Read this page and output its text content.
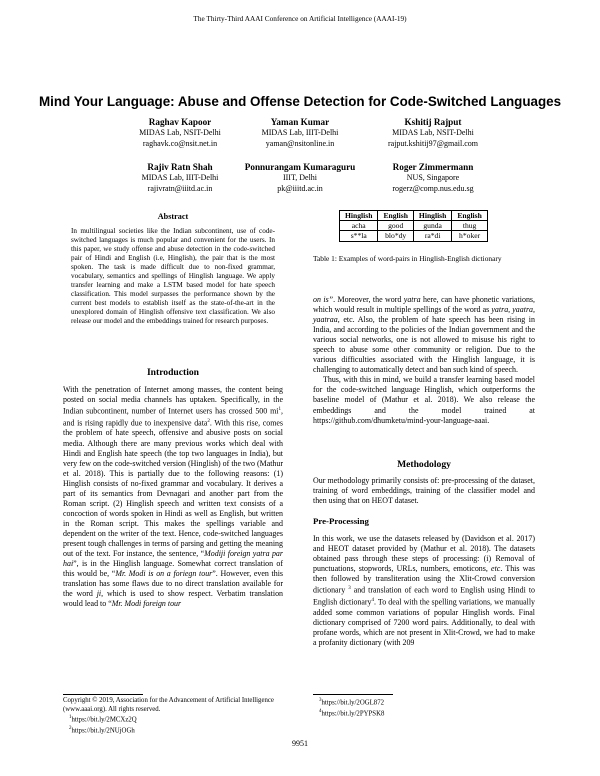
The Thirty-Third AAAI Conference on Artificial Intelligence (AAAI-19)
Mind Your Language: Abuse and Offense Detection for Code-Switched Languages
Raghav Kapoor
MIDAS Lab, NSIT-Delhi
raghavk.co@nsit.net.in
Yaman Kumar
MIDAS Lab, IIIT-Delhi
yaman@nsitonline.in
Kshitij Rajput
MIDAS Lab, NSIT-Delhi
rajput.kshitij97@gmail.com
Rajiv Ratn Shah
MIDAS Lab, IIIT-Delhi
rajivratn@iiitd.ac.in
Ponnurangam Kumaraguru
IIIT, Delhi
pk@iiitd.ac.in
Roger Zimmermann
NUS, Singapore
rogerz@comp.nus.edu.sg
Abstract
In multilingual societies like the Indian subcontinent, use of code-switched languages is much popular and convenient for the users. In this paper, we study offense and abuse detection in the code-switched pair of Hindi and English (i.e, Hinglish), the pair that is the most spoken. The task is made difficult due to non-fixed grammar, vocabulary, semantics and spellings of Hinglish language. We apply transfer learning and make a LSTM based model for hate speech classification. This model surpasses the performance shown by the current best models to establish itself as the state-of-the-art in the unexplored domain of Hinglish offensive text classification. We also release our model and the embeddings trained for research purposes.
Introduction

With the penetration of Internet among masses, the content being posted on social media channels has uptaken. Specifically, in the Indian subcontinent, number of Internet users has crossed 500 $mi^1$, and is rising rapidly due to inexpensive data$^2$. With this rise, comes the problem of hate speech, offensive and abusive posts on social media. Although there are many previous works which deal with Hindi and English hate speech (the top two languages in India), but very few on the code-switched version (Hinglish) of the two (Mathur et al. 2018). This is partially due to the following reasons: (1) Hinglish consists of no-fixed grammar and vocabulary. It derives a part of its semantics from Devnagari and another part from the Roman script. (2) Hinglish speech and written text consists of a concoction of words spoken in Hindi as well as English, but written in the Roman script. This makes the spellings variable and dependent on the writer of the text. Hence, code-switched languages present tough challenges in terms of parsing and getting the meaning out of the text. For instance, the sentence, “Modiji foreign yatra par hai”, is in the Hinglish language. Somewhat correct translation of this would be, “Mr. Modi is on a foriegn tour”. However, even this translation has some flaws due to no direct translation available for the word ji, which is used to show respect. Verbatim translation would lead to “Mr. Modi foreign tour

Copyright © 2019, Association for the Advancement of Artificial Intelligence (www.aaai.org). All rights reserved.
$^1$https://bit.ly/2MCXz2Q
$^2$https://bit.ly/2NUjOGh
Hinglish	English	Hinglish	English
acha	good	gunda	thug
s**la	blo*dy	ra*di	h*oker
Table 1: Examples of word-pairs in Hinglish-English dictionary

on is”. Moreover, the word yatra here, can have phonetic variations, which would result in multiple spellings of the word as yatra, yaatra, yaatraa, etc. Also, the problem of hate speech has been rising in India, and according to the policies of the Indian government and the various social networks, one is not allowed to misuse his right to speech to abuse some other community or religion. Due to the various difficulties associated with the Hinglish language, it is challenging to automatically detect and ban such kind of speech.

Thus, with this in mind, we build a transfer learning based model for the code-switched language Hinglish, which outperforms the baseline model of (Mathur et al. 2018). We also release the embeddings and the model trained at https://github.com/dhumketu/mind-your-language-aaai.

Methodology
Our methodology primarily consists of: pre-processing of the dataset, training of word embeddings, training of the classifier model and then using that on HEOT dataset.
Pre-Processing

In this work, we use the datasets released by (Davidson et al. 2017) and HEOT dataset provided by (Mathur et al. 2018). The datasets obtained pass through these steps of processing: (i) Removal of punctuations, stopwords, URLs, numbers, emoticons, etc. This was then followed by transliteration using the Xlit-Crowd conversion dictionary $^3$ and translation of each word to English using Hindi to English dictionary$^4$. To deal with the spelling variations, we manually added some common variations of popular Hinglish words. Final dictionary comprised of 7200 word pairs. Additionally, to deal with profane words, which are not present in Xlit-Crowd, we had to make a profanity dictionary (with 209

$^3$https://bit.ly/2OGL872
$^4$https://bit.ly/2PYPSK8
9951
